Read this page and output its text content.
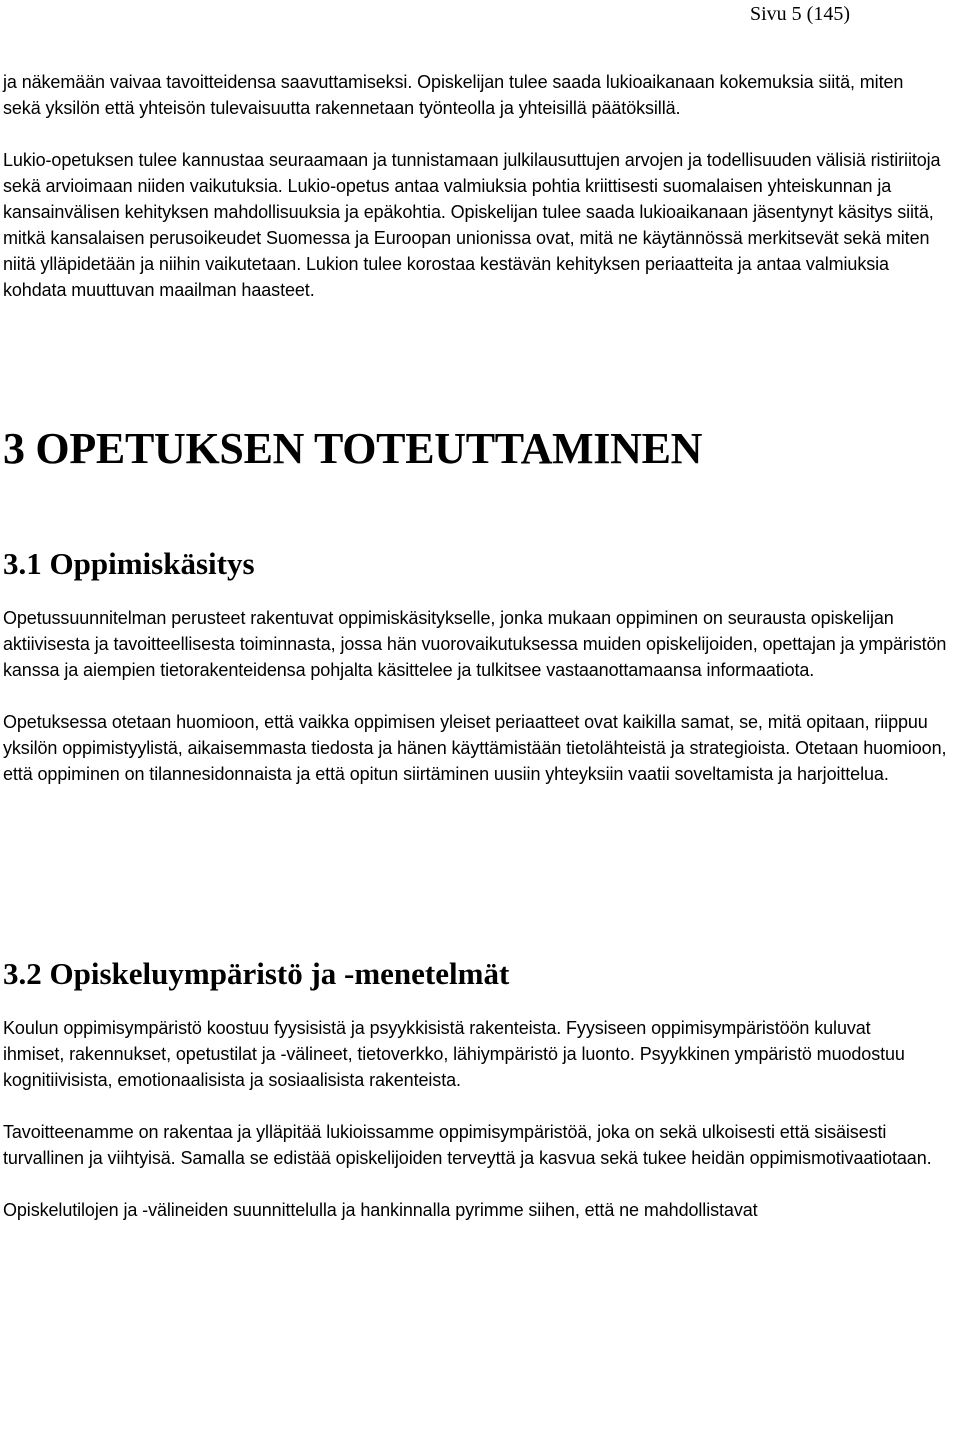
Sivu 5 (145)

ja näkemään vaivaa tavoitteidensa saavuttamiseksi. Opiskelijan tulee saada lukioaikanaan kokemuksia siitä, miten sekä yksilön että yhteisön tulevaisuutta rakennetaan työnteolla ja yhteisillä päätöksillä.

Lukio-opetuksen tulee kannustaa seuraamaan ja tunnistamaan julkilausuttujen arvojen ja todellisuuden välisiä ristiriitoja sekä arvioimaan niiden vaikutuksia. Lukio-opetus antaa valmiuksia pohtia kriittisesti suomalaisen yhteiskunnan ja kansainvälisen kehityksen mahdollisuuksia ja epäkohtia. Opiskelijan tulee saada lukioaikanaan jäsentynyt käsitys siitä, mitkä kansalaisen perusoikeudet Suomessa ja Euroopan unionissa ovat, mitä ne käytännössä merkitsevät sekä miten niitä ylläpidetään ja niihin vaikutetaan. Lukion tulee korostaa kestävän kehityksen periaatteita ja antaa valmiuksia kohdata muuttuvan maailman haasteet.

3 OPETUKSEN TOTEUTTAMINEN
3.1 Oppimiskäsitys

Opetussuunnitelman perusteet rakentuvat oppimiskäsitykselle, jonka mukaan oppiminen on seurausta opiskelijan aktiivisesta ja tavoitteellisesta toiminnasta, jossa hän vuorovaikutuksessa muiden opiskelijoiden, opettajan ja ympäristön kanssa ja aiempien tietorakenteidensa pohjalta käsittelee ja tulkitsee vastaanottamaansa informaatiota.

Opetuksessa otetaan huomioon, että vaikka oppimisen yleiset periaatteet ovat kaikilla samat, se, mitä opitaan, riippuu yksilön oppimistyylistä, aikaisemmasta tiedosta ja hänen käyttämistään tietolähteistä ja strategioista. Otetaan huomioon, että oppiminen on tilannesidonnaista ja että opitun siirtäminen uusiin yhteyksiin vaatii soveltamista ja harjoittelua.

3.2 Opiskeluympäristö ja -menetelmät

Koulun oppimisympäristö koostuu fyysisistä ja psyykkisistä rakenteista. Fyysiseen oppimisympäristöön kuluvat ihmiset, rakennukset, opetustilat ja -välineet, tietoverkko, lähiympäristö ja luonto. Psyykkinen ympäristö muodostuu kognitiivisista, emotionaalisista ja sosiaalisista rakenteista.

Tavoitteenamme on rakentaa ja ylläpitää lukioissamme oppimisympäristöä, joka on sekä ulkoisesti että sisäisesti turvallinen ja viihtyisä. Samalla se edistää opiskelijoiden terveyttä ja kasvua sekä tukee heidän oppimismotivaatiotaan.

Opiskelutilojen ja -välineiden suunnittelulla ja hankinnalla pyrimme siihen, että ne mahdollistavat
